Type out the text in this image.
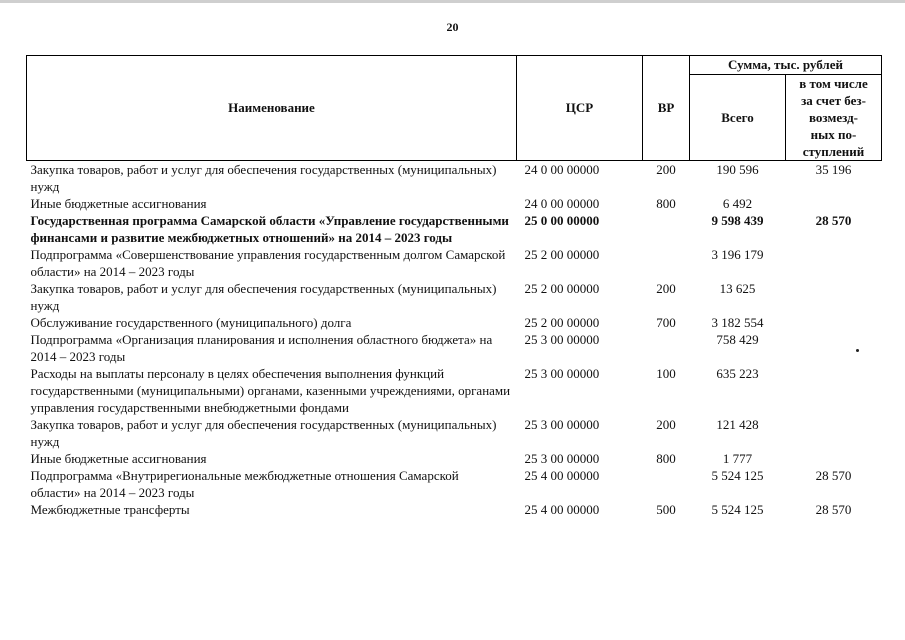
20
Наименование	ЦСР	ВР	Сумма, тыс. рублей	
			Всего	в том числе
за счет без-
возмезд-
ных по-
ступлений

Закупка товаров, работ и услуг для обеспечения государственных (муниципальных) нужд	24 0 00 00000	200	190 596	35 196
Иные бюджетные ассигнования	24 0 00 00000	800	6 492	
Государственная программа Самарской области «Управление государственными финансами и развитие межбюджетных отношений» на 2014 – 2023 годы	25 0 00 00000		9 598 439	28 570
Подпрограмма «Совершенствование управления государственным долгом Самарской области» на 2014 – 2023 годы	25 2 00 00000		3 196 179	
Закупка товаров, работ и услуг для обеспечения государственных (муниципальных) нужд	25 2 00 00000	200	13 625	
Обслуживание государственного (муниципального) долга	25 2 00 00000	700	3 182 554	
Подпрограмма «Организация планирования и исполнения областного бюджета» на 2014 – 2023 годы	25 3 00 00000		758 429	
Расходы на выплаты персоналу в целях обеспечения выполнения функций государственными (муниципальными) органами, казенными учреждениями, органами управления государственными внебюджетными фондами	25 3 00 00000	100	635 223	
Закупка товаров, работ и услуг для обеспечения государственных (муниципальных) нужд	25 3 00 00000	200	121 428	
Иные бюджетные ассигнования	25 3 00 00000	800	1 777	
Подпрограмма «Внутрирегиональные межбюджетные отношения Самарской области» на 2014 – 2023 годы	25 4 00 00000		5 524 125	28 570
Межбюджетные трансферты	25 4 00 00000	500	5 524 125	28 570
